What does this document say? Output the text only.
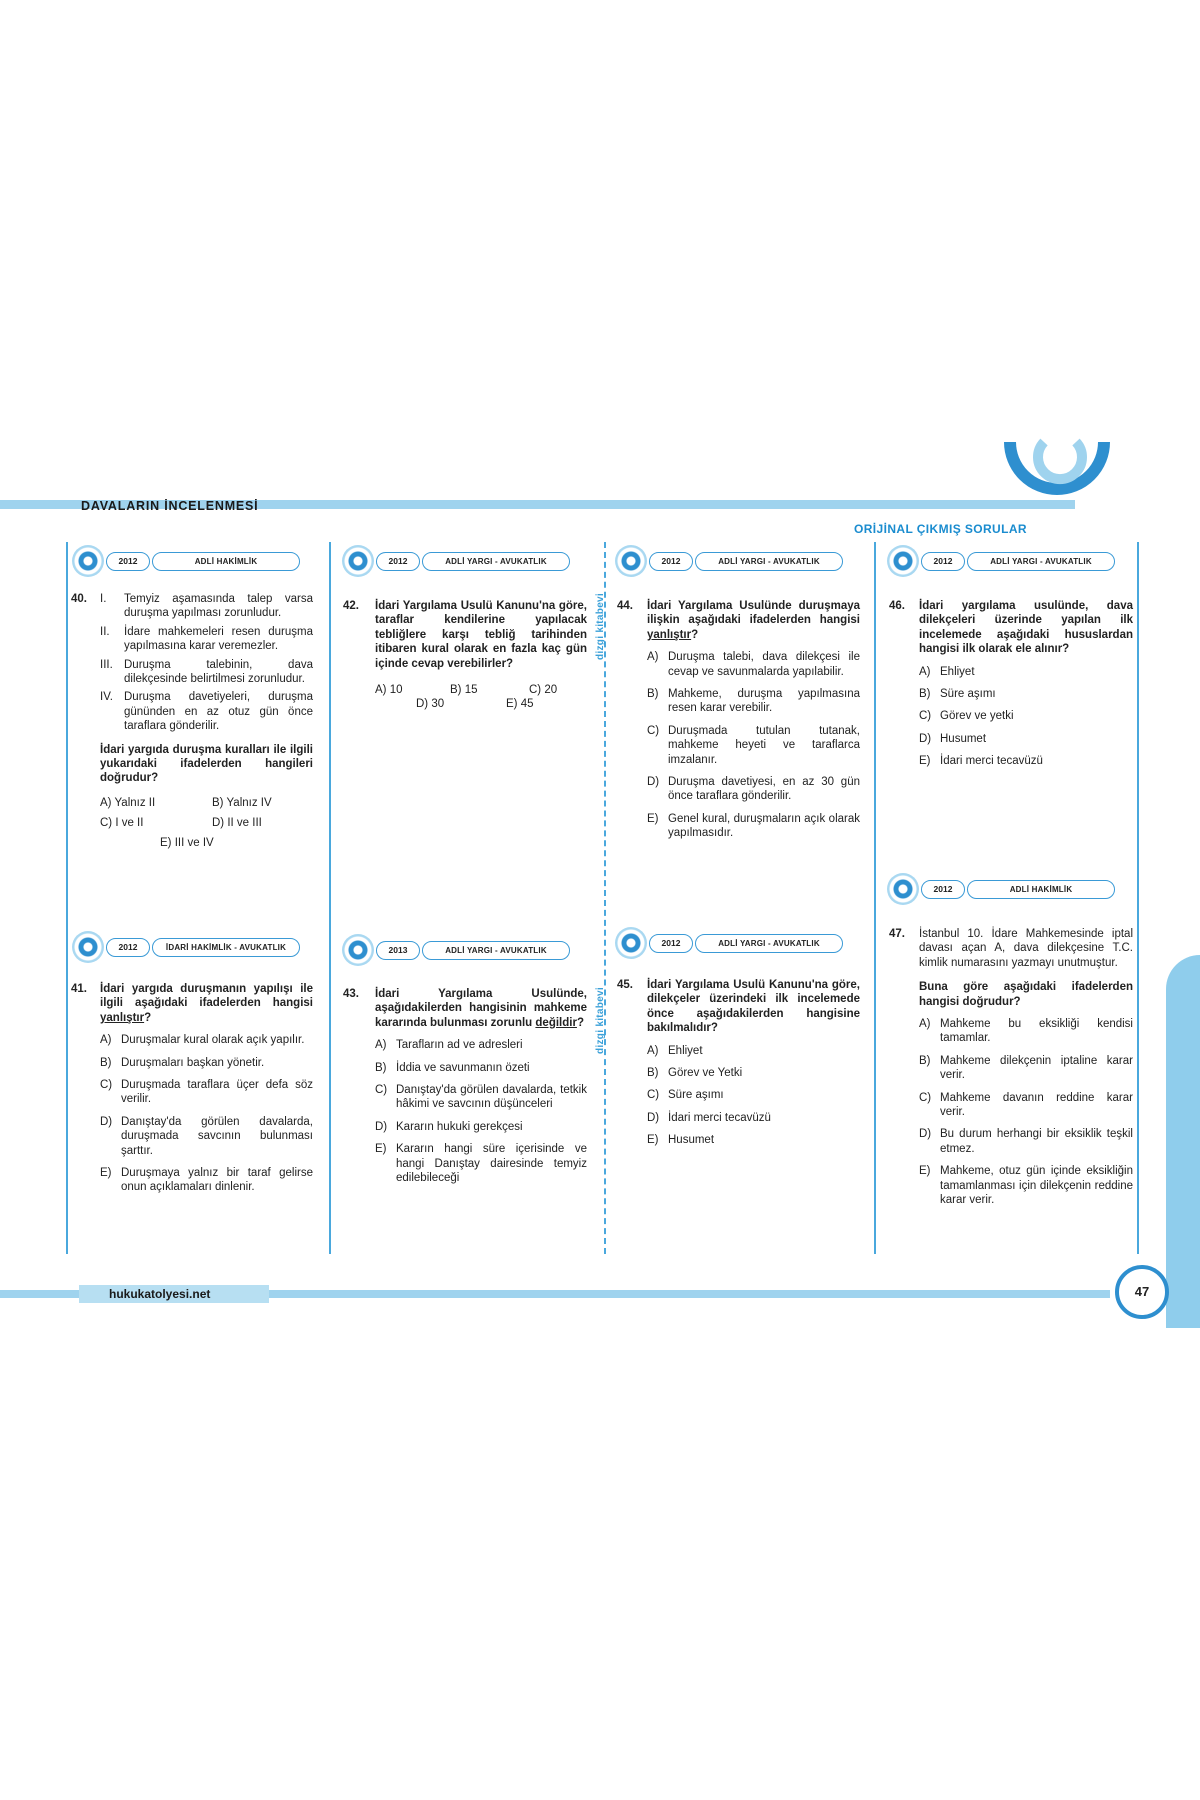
DAVALARIN İNCELENMESİ
ORİJİNAL ÇIKMIŞ SORULAR
dizgi kitabevi
dizgi kitabevi
2012	ADLİ HAKİMLİK
40. I. Temyiz aşamasında talep varsa duruşma yapılması zorunludur.
II. İdare mahkemeleri resen duruşma yapılmasına karar veremezler.
III. Duruşma talebinin, dava dilekçesinde belirtilmesi zorunludur.
IV. Duruşma davetiyeleri, duruşma gününden en az otuz gün önce taraflara gönderilir.
İdari yargıda duruşma kuralları ile ilgili yukarıdaki ifadelerden hangileri doğrudur?
A) Yalnız II	B) Yalnız IV
C) I ve II	D) II ve III
E) III ve IV
2012	İDARİ HAKİMLİK - AVUKATLIK
41. İdari yargıda duruşmanın yapılışı ile ilgili aşağıdaki ifadelerden hangisi yanlıştır?
A) Duruşmalar kural olarak açık yapılır.
B) Duruşmaları başkan yönetir.
C) Duruşmada taraflara üçer defa söz verilir.
D) Danıştay'da görülen davalarda, duruşmada savcının bulunması şarttır.
E) Duruşmaya yalnız bir taraf gelirse onun açıklamaları dinlenir.
2012	ADLİ YARGI - AVUKATLIK
42. İdari Yargılama Usulü Kanunu'na göre, taraflar kendilerine yapılacak tebliğlere karşı tebliğ tarihinden itibaren kural olarak en fazla kaç gün içinde cevap verebilirler?
A) 10	B) 15	C) 20
D) 30	E) 45
2013	ADLİ YARGI - AVUKATLIK
43. İdari Yargılama Usulünde, aşağıdakilerden hangisinin mahkeme kararında bulunması zorunlu değildir?
A) Tarafların ad ve adresleri
B) İddia ve savunmanın özeti
C) Danıştay'da görülen davalarda, tetkik hâkimi ve savcının düşünceleri
D) Kararın hukuki gerekçesi
E) Kararın hangi süre içerisinde ve hangi Danıştay dairesinde temyiz edilebileceği
2012	ADLİ YARGI - AVUKATLIK
44. İdari Yargılama Usulünde duruşmaya ilişkin aşağıdaki ifadelerden hangisi yanlıştır?
A) Duruşma talebi, dava dilekçesi ile cevap ve savunmalarda yapılabilir.
B) Mahkeme, duruşma yapılmasına resen karar verebilir.
C) Duruşmada tutulan tutanak, mahkeme heyeti ve taraflarca imzalanır.
D) Duruşma davetiyesi, en az 30 gün önce taraflara gönderilir.
E) Genel kural, duruşmaların açık olarak yapılmasıdır.
2012	ADLİ YARGI - AVUKATLIK
45. İdari Yargılama Usulü Kanunu'na göre, dilekçeler üzerindeki ilk incelemede önce aşağıdakilerden hangisine bakılmalıdır?
A) Ehliyet
B) Görev ve Yetki
C) Süre aşımı
D) İdari merci tecavüzü
E) Husumet
2012	ADLİ YARGI - AVUKATLIK
46. İdari yargılama usulünde, dava dilekçeleri üzerinde yapılan ilk incelemede aşağıdaki hususlardan hangisi ilk olarak ele alınır?
A) Ehliyet
B) Süre aşımı
C) Görev ve yetki
D) Husumet
E) İdari merci tecavüzü
2012	ADLİ HAKİMLİK
47. İstanbul 10. İdare Mahkemesinde iptal davası açan A, dava dilekçesine T.C. kimlik numarasını yazmayı unutmuştur.
Buna göre aşağıdaki ifadelerden hangisi doğrudur?
A) Mahkeme bu eksikliği kendisi tamamlar.
B) Mahkeme dilekçenin iptaline karar verir.
C) Mahkeme davanın reddine karar verir.
D) Bu durum herhangi bir eksiklik teşkil etmez.
E) Mahkeme, otuz gün içinde eksikliğin tamamlanması için dilekçenin reddine karar verir.
hukukatolyesi.net	47
